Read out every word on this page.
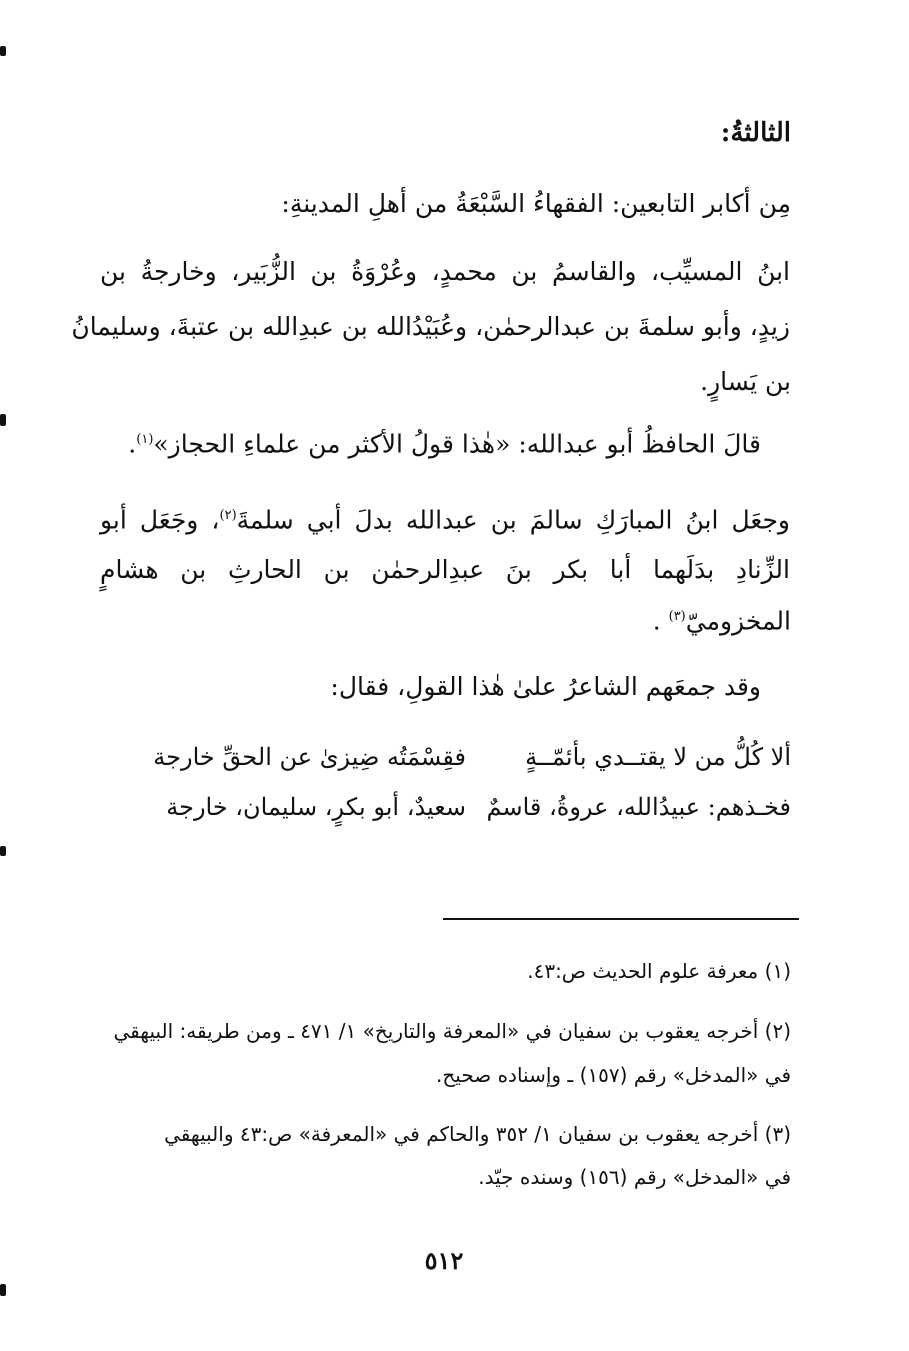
الثالثةُ:
مِن أكابر التابعين: الفقهاءُ السَّبْعَةُ من أهلِ المدينةِ:
ابنُ المسيِّب، والقاسمُ بن محمدٍ، وعُرْوَةُ بن الزُّبَير، وخارجةُ بن
زيدٍ، وأبو سلمةَ بن عبدالرحمٰن، وعُبَيْدُالله بن عبدِالله بن عتبةَ، وسليمانُ
بن يَسارٍ.
قالَ الحافظُ أبو عبدالله: «هٰذا قولُ الأكثر من علماءِ الحجاز»$^{(١)}$.
وجعَل ابنُ المبارَكِ سالمَ بن عبدالله بدلَ أبي سلمةَ$^{(٢)}$، وجَعَل أبو
الزِّنادِ بدَلَهما أبا بكر بنَ عبدِالرحمٰن بن الحارثِ بن هشامٍ
المخزوميّ$^{(٣)}$ .
وقد جمعَهم الشاعرُ علىٰ هٰذا القولِ، فقال:
ألا كُلُّ من لا يقتــدي بأئمّــةٍ
فقِسْمَتُه ضِيزىٰ عن الحقِّ خارجة
فخـذهم: عبيدُالله، عروةُ، قاسمٌ
سعيدٌ، أبو بكرٍ، سليمان، خارجة
(١) معرفة علوم الحديث ص:٤٣.
(٢) أخرجه يعقوب بن سفيان في «المعرفة والتاريخ» ١/ ٤٧١ ـ ومن طريقه: البيهقي
في «المدخل» رقم (١٥٧) ـ وإسناده صحيح.
(٣) أخرجه يعقوب بن سفيان ١/ ٣٥٢ والحاكم في «المعرفة» ص:٤٣ والبيهقي
في «المدخل» رقم (١٥٦) وسنده جيّد.
٥١٢
